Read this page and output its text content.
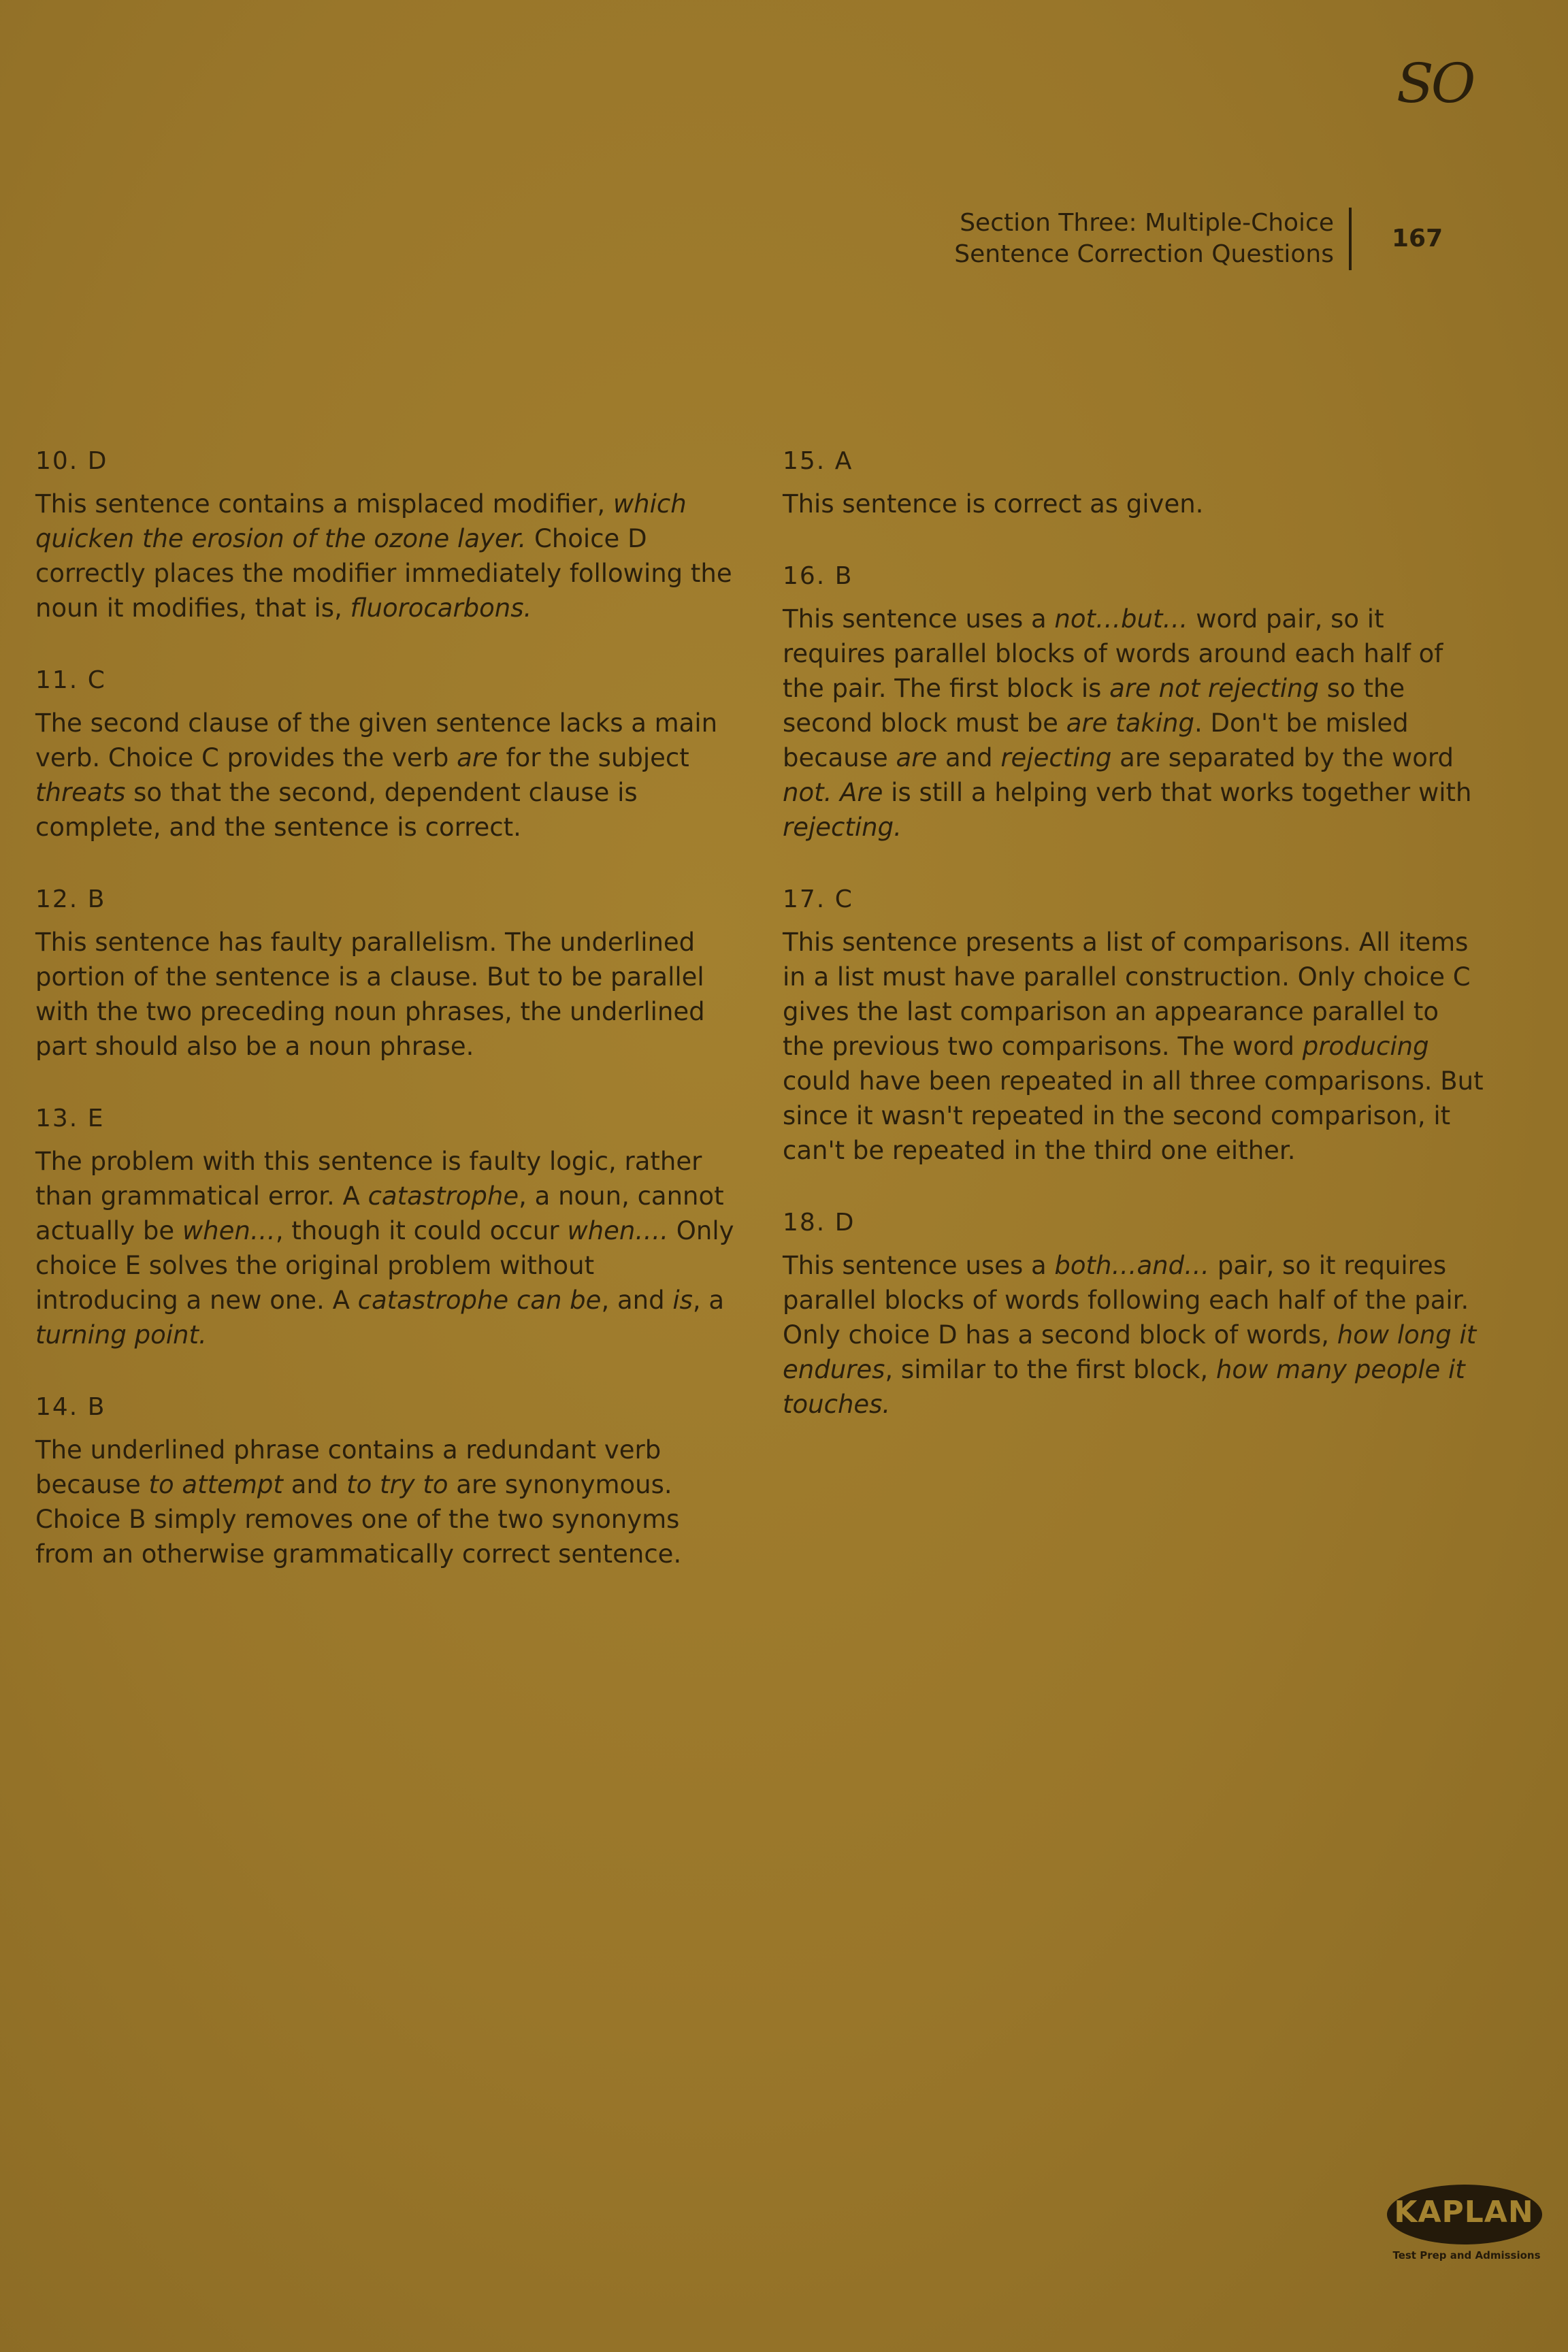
SO
Section Three: Multiple-Choice
Sentence Correction Questions
167
10. D

This sentence contains a misplaced modifier, which quicken the erosion of the ozone layer. Choice D correctly places the modifier immediately following the noun it modifies, that is, fluorocarbons.

11. C

The second clause of the given sentence lacks a main verb. Choice C provides the verb are for the subject threats so that the second, dependent clause is complete, and the sentence is correct.

12. B

This sentence has faulty parallelism. The underlined portion of the sentence is a clause. But to be parallel with the two preceding noun phrases, the underlined part should also be a noun phrase.

13. E

The problem with this sentence is faulty logic, rather than grammatical error. A catastrophe, a noun, cannot actually be when…, though it could occur when…. Only choice E solves the original problem without introducing a new one. A catastrophe can be, and is, a turning point.

14. B

The underlined phrase contains a redundant verb because to attempt and to try to are synonymous. Choice B simply removes one of the two synonyms from an otherwise grammatically correct sentence.

15. A

This sentence is correct as given.

16. B

This sentence uses a not…but… word pair, so it requires parallel blocks of words around each half of the pair. The first block is are not rejecting so the second block must be are taking. Don't be misled because are and rejecting are separated by the word not. Are is still a helping verb that works together with rejecting.

17. C

This sentence presents a list of comparisons. All items in a list must have parallel construction. Only choice C gives the last comparison an appearance parallel to the previous two comparisons. The word producing could have been repeated in all three comparisons. But since it wasn't repeated in the second comparison, it can't be repeated in the third one either.

18. D

This sentence uses a both…and… pair, so it requires parallel blocks of words following each half of the pair. Only choice D has a second block of words, how long it endures, similar to the first block, how many people it touches.

KAPLAN
Test Prep and Admissions
